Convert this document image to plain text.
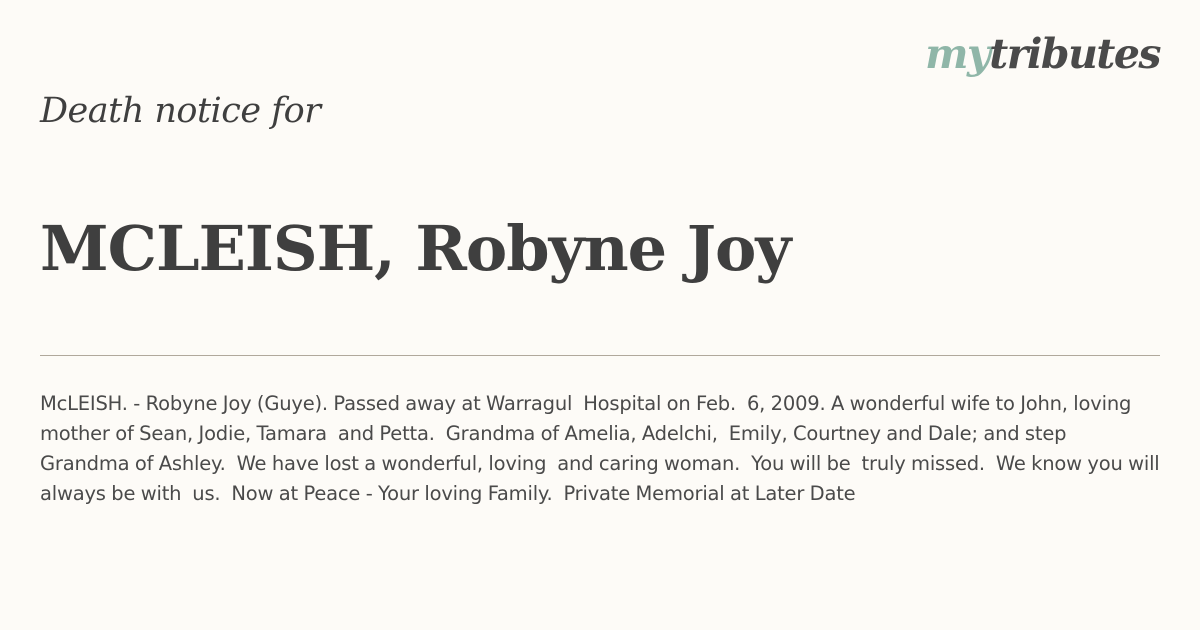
mytributes
Death notice for
MCLEISH, Robyne Joy

McLEISH. - Robyne Joy (Guye). Passed away at Warragul  Hospital on Feb.  6, 2009. A wonderful wife to John, loving  mother of Sean, Jodie, Tamara  and Petta.  Grandma of Amelia, Adelchi,  Emily, Courtney and Dale; and step Grandma of Ashley.  We have lost a wonderful, loving  and caring woman.  You will be  truly missed.  We know you will always be with  us.  Now at Peace - Your loving Family.  Private Memorial at Later Date
